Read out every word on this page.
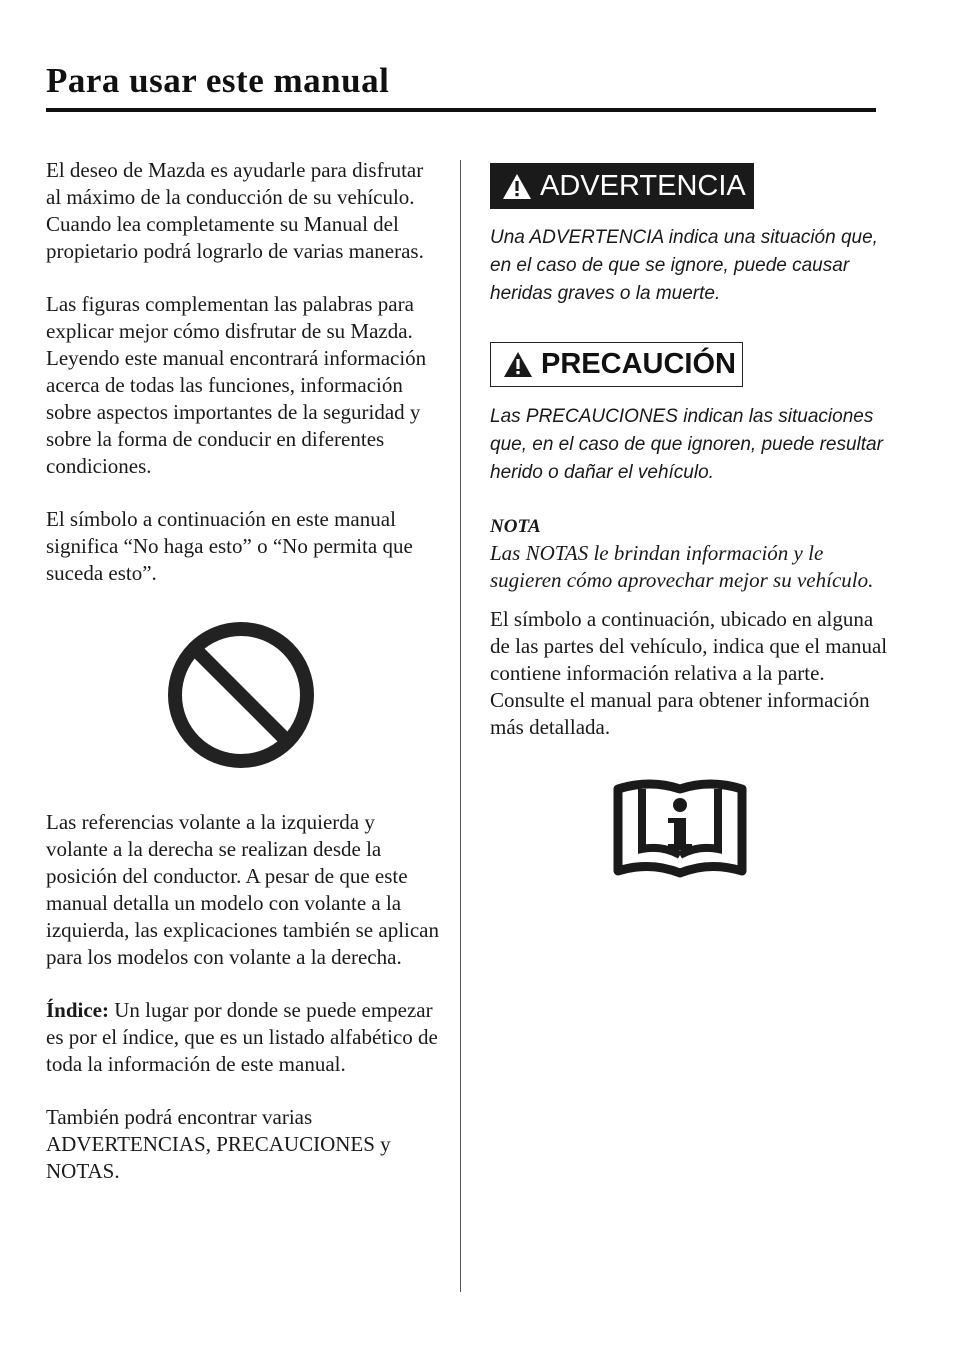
Para usar este manual

El deseo de Mazda es ayudarle para disfrutar al máximo de la conducción de su vehículo. Cuando lea completamente su Manual del propietario podrá lograrlo de varias maneras.

Las figuras complementan las palabras para explicar mejor cómo disfrutar de su Mazda. Leyendo este manual encontrará información acerca de todas las funciones, información sobre aspectos importantes de la seguridad y sobre la forma de conducir en diferentes condiciones.

El símbolo a continuación en este manual significa “No haga esto” o “No permita que suceda esto”.

Las referencias volante a la izquierda y volante a la derecha se realizan desde la posición del conductor. A pesar de que este manual detalla un modelo con volante a la izquierda, las explicaciones también se aplican para los modelos con volante a la derecha.

Índice: Un lugar por donde se puede empezar es por el índice, que es un listado alfabético de toda la información de este manual.

También podrá encontrar varias ADVERTENCIAS, PRECAUCIONES y NOTAS.

ADVERTENCIA

Una ADVERTENCIA indica una situación que, en el caso de que se ignore, puede causar heridas graves o la muerte.

PRECAUCIÓN

Las PRECAUCIONES indican las situaciones que, en el caso de que ignoren, puede resultar herido o dañar el vehículo.

NOTA

Las NOTAS le brindan información y le sugieren cómo aprovechar mejor su vehículo.

El símbolo a continuación, ubicado en alguna de las partes del vehículo, indica que el manual contiene información relativa a la parte.

Consulte el manual para obtener información más detallada.
